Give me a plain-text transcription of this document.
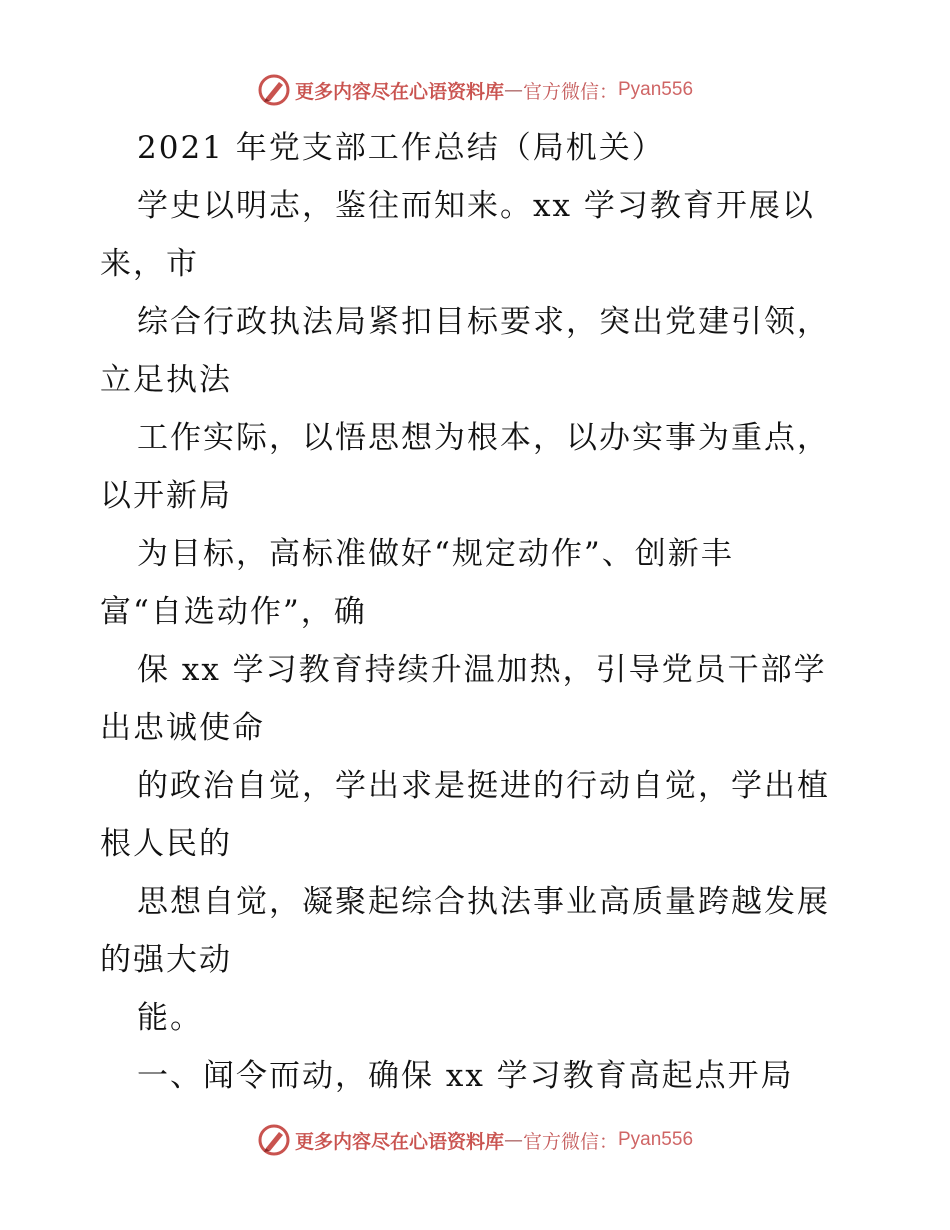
更多内容尽在心语资料库 — 官方微信： Pyan556
2021 年党支部工作总结（局机关）
学史以明志，鉴往而知来。xx 学习教育开展以
来，市
综合行政执法局紧扣目标要求，突出党建引领，
立足执法
工作实际，以悟思想为根本，以办实事为重点，
以开新局
为目标，高标准做好“规定动作”、创新丰
富“自选动作”，确
保 xx 学习教育持续升温加热，引导党员干部学
出忠诚使命
的政治自觉，学出求是挺进的行动自觉，学出植
根人民的
思想自觉，凝聚起综合执法事业高质量跨越发展
的强大动
能。
一、闻令而动，确保 xx 学习教育高起点开局
更多内容尽在心语资料库 — 官方微信： Pyan556
